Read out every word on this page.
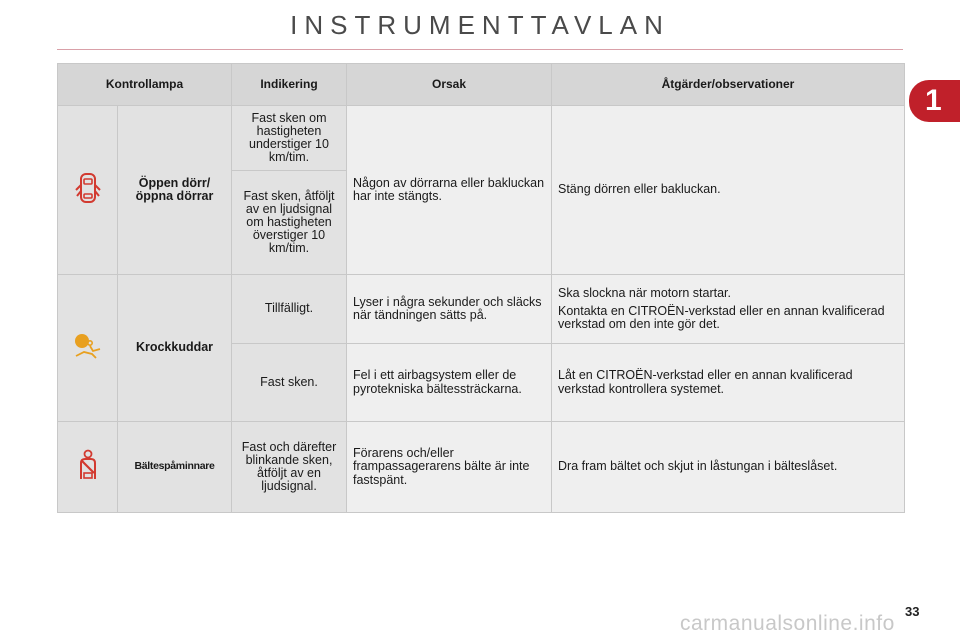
INSTRUMENTTAVLAN
1
Kontrollampa		Indikering	Orsak	Åtgärder/observationer
	Öppen dörr/öppna dörrar	Fast sken om hastigheten understiger 10 km/tim.	Någon av dörrarna eller bakluckan har inte stängts.	Stäng dörren eller bakluckan.

		Fast sken, åtföljt av en ljudsignal om hastigheten överstiger 10 km/tim.		
	Krockkuddar	Tillfälligt.	Lyser i några sekunder och släcks när tändningen sätts på.	Ska slockna när motorn startar.

Kontakta en CITROËN-verkstad eller en annan kvalificerad verkstad om den inte gör det.

		Fast sken.	Fel i ett airbagsystem eller de pyrotekniska bältessträckarna.	Låt en CITROËN-verkstad eller en annan kvalificerad verkstad kontrollera systemet.

	Bältespåminnare	Fast och därefter blinkande sken, åtföljt av en ljudsignal.	Förarens och/eller frampassagerarens bälte är inte fastspänt.	Dra fram bältet och skjut in låstungan i bälteslåset.

33
carmanualsonline.info
